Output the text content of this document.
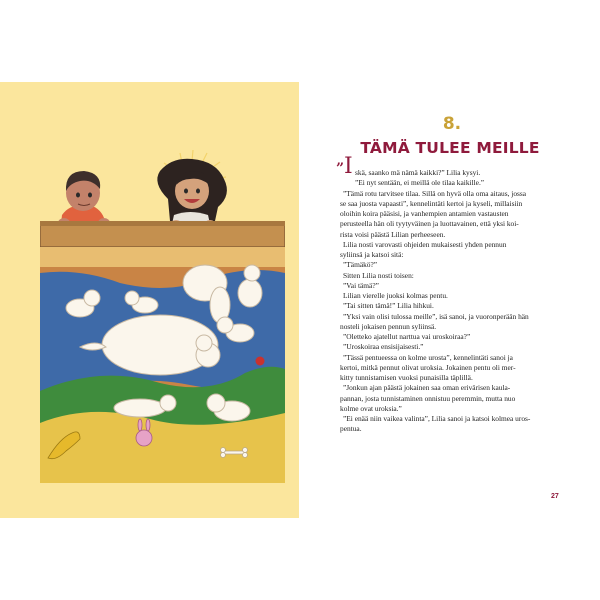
8.
TÄMÄ TULEE MEILLE
” I skä, saanko mä nämä kaikki?” Lilia kysyi.
”Ei nyt sentään, ei meillä ole tilaa kaikille.”
”Tämä rotu tarvitsee tilaa. Sillä on hyvä olla oma aitaus, jossa
se saa juosta vapaasti”, kennelintäti kertoi ja kyseli, millaisiin
oloihin koira pääsisi, ja vanhempien antamien vastausten
perusteella hän oli tyytyväinen ja luottavainen, että yksi koi-
rista voisi päästä Lilian perheeseen.
Lilia nosti varovasti ohjeiden mukaisesti yhden pennun
syliinsä ja katsoi sitä:
”Tämäkö?”
Sitten Lilia nosti toisen:
”Vai tämä?”
Lilian vierelle juoksi kolmas pentu.
”Tai sitten tämä!” Lilia hihkui.
”Yksi vain olisi tulossa meille”, isä sanoi, ja vuoronperään hän
nosteli jokaisen pennun syliinsä.
”Oletteko ajatellut narttua vai uroskoiraa?”
”Uroskoiraa ensisijaisesti.”
”Tässä pentueessa on kolme urosta”, kennelintäti sanoi ja
kertoi, mitkä pennut olivat uroksia. Jokainen pentu oli mer-
kitty tunnistamisen vuoksi punaisilla täplillä.
”Jonkun ajan päästä jokainen saa oman erivärisen kaula-
pannan, josta tunnistaminen onnistuu peremmin, mutta nuo
kolme ovat uroksia.”
”Ei enää niin vaikea valinta”, Lilia sanoi ja katsoi kolmea uros-
pentua.
27
